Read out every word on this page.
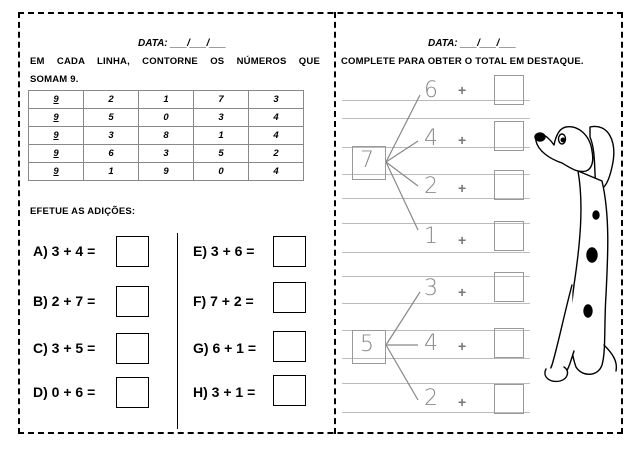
DATA: ___/___/___
EM CADA LINHA, CONTORNE OS NÚMEROS QUE
SOMAM 9.
9	2	1	7	3
9	5	0	3	4
9	3	8	1	4
9	6	3	5	2
9	1	9	0	4
EFETUE AS ADIÇÕES:
A) 3 + 4 =
B) 2 + 7 =
C) 3 + 5 =
D) 0 + 6 =
E) 3 + 6 =
F) 7 + 2 =
G) 6 + 1 =
H) 3 + 1 =
DATA: ___/___/___
COMPLETE PARA OBTER O TOTAL EM DESTAQUE.
7
6 +
4 +
2 +
1 +
5
3 +
4 +
2 +
